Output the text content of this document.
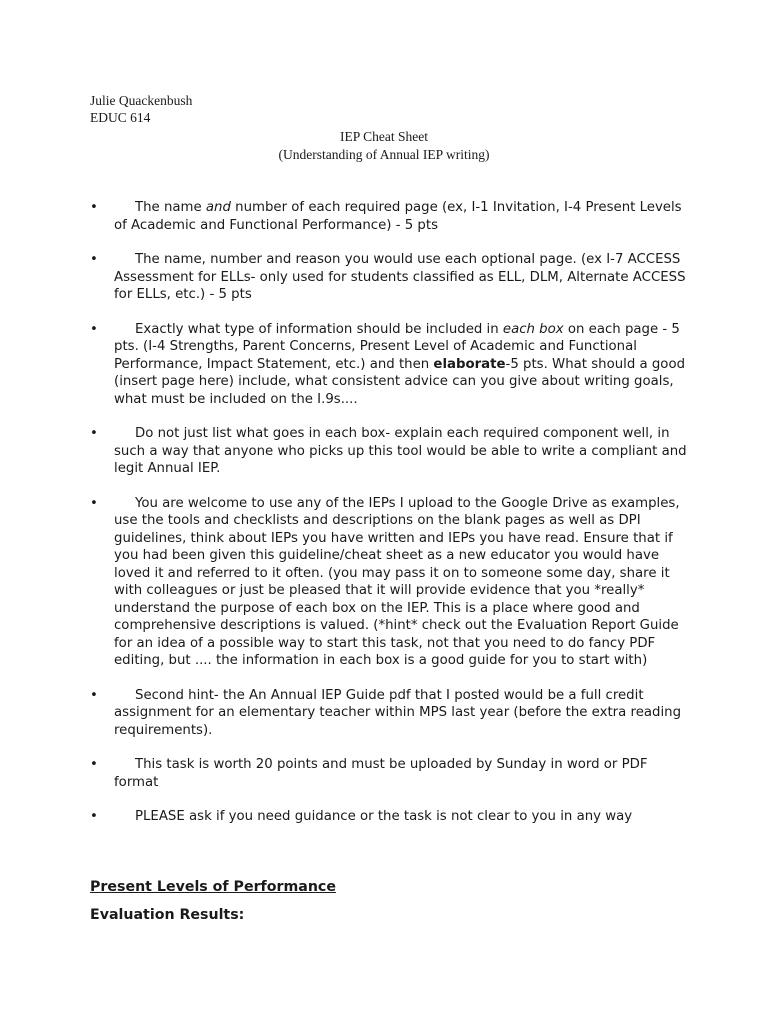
Julie Quackenbush
EDUC 614
IEP Cheat Sheet
(Understanding of Annual IEP writing)
•	The name and number of each required page (ex, I-1 Invitation, I-4 Present Levels of Academic and Functional Performance) - 5 pts
•	The name, number and reason you would use each optional page. (ex I-7 ACCESS Assessment for ELLs- only used for students classified as ELL, DLM, Alternate ACCESS for ELLs, etc.) - 5 pts
•	Exactly what type of information should be included in each box on each page - 5 pts. (I-4 Strengths, Parent Concerns, Present Level of Academic and Functional Performance, Impact Statement, etc.) and then elaborate-5 pts. What should a good (insert page here) include, what consistent advice can you give about writing goals, what must be included on the I.9s....
•	Do not just list what goes in each box- explain each required component well, in such a way that anyone who picks up this tool would be able to write a compliant and legit Annual IEP.
•	You are welcome to use any of the IEPs I upload to the Google Drive as examples, use the tools and checklists and descriptions on the blank pages as well as DPI guidelines, think about IEPs you have written and IEPs you have read. Ensure that if you had been given this guideline/cheat sheet as a new educator you would have loved it and referred to it often. (you may pass it on to someone some day, share it with colleagues or just be pleased that it will provide evidence that you *really* understand the purpose of each box on the IEP. This is a place where good and comprehensive descriptions is valued. (*hint* check out the Evaluation Report Guide for an idea of a possible way to start this task, not that you need to do fancy PDF editing, but .... the information in each box is a good guide for you to start with)
•	Second hint- the An Annual IEP Guide pdf that I posted would be a full credit assignment for an elementary teacher within MPS last year (before the extra reading requirements).
•	This task is worth 20 points and must be uploaded by Sunday in word or PDF format
•	PLEASE ask if you need guidance or the task is not clear to you in any way
Present Levels of Performance
Evaluation Results:
